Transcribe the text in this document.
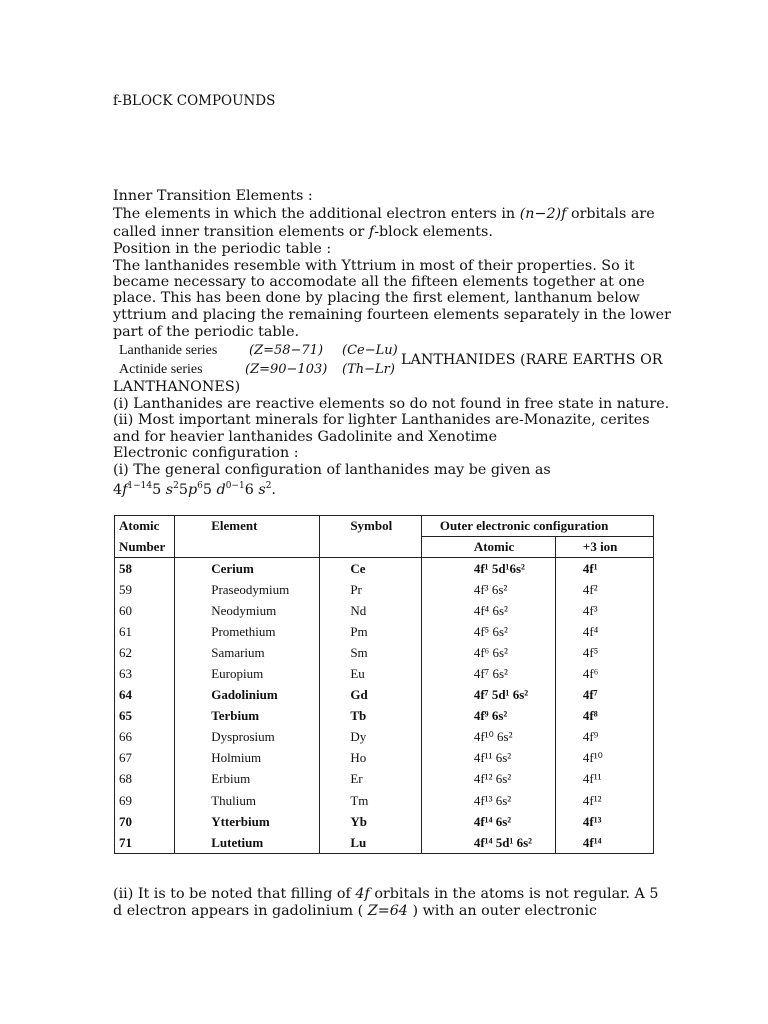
f-BLOCK COMPOUNDS
Inner Transition Elements :
The elements in which the additional electron enters in (n−2)f orbitals are
called inner transition elements or f-block elements.
Position in the periodic table :
The lanthanides resemble with Yttrium in most of their properties. So it
became necessary to accomodate all the fifteen elements together at one
place. This has been done by placing the first element, lanthanum below
yttrium and placing the remaining fourteen elements separately in the lower
part of the periodic table.
Lanthanide series (Z=58−71) (Ce−Lu)
LANTHANIDES (RARE EARTHS OR
Actinide series	(Z=90−103) (Th−Lr)
LANTHANONES)
(i) Lanthanides are reactive elements so do not found in free state in nature.
(ii) Most important minerals for lighter Lanthanides are-Monazite, cerites
and for heavier lanthanides Gadolinite and Xenotime
Electronic configuration :
(i) The general configuration of lanthanides may be given as
$4f^{1-14}5$ $s^25p^65$ $d^{0-1}6$ $s^2$.
(ii) It is to be noted that filling of 4f orbitals in the atoms is not regular. A 5
d electron appears in gadolinium ( Z=64 ) with an outer electronic
Atomic	Element	Symbol	Outer electronic configuration	
Number			Atomic	+3 ion
58	Cerium	Ce	4f¹ 5d¹6s²	4f¹
59	Praseodymium	Pr	4f³ 6s²	4f²
60	Neodymium	Nd	4f⁴ 6s²	4f³
61	Promethium	Pm	4f⁵ 6s²	4f⁴
62	Samarium	Sm	4f⁶ 6s²	4f⁵
63	Europium	Eu	4f⁷ 6s²	4f⁶
64	Gadolinium	Gd	4f⁷ 5d¹ 6s²	4f⁷
65	Terbium	Tb	4f⁹ 6s²	4f⁸
66	Dysprosium	Dy	4f¹⁰ 6s²	4f⁹
67	Holmium	Ho	4f¹¹ 6s²	4f¹⁰
68	Erbium	Er	4f¹² 6s²	4f¹¹
69	Thulium	Tm	4f¹³ 6s²	4f¹²
70	Ytterbium	Yb	4f¹⁴ 6s²	4f¹³
71	Lutetium	Lu	4f¹⁴ 5d¹ 6s²	4f¹⁴
